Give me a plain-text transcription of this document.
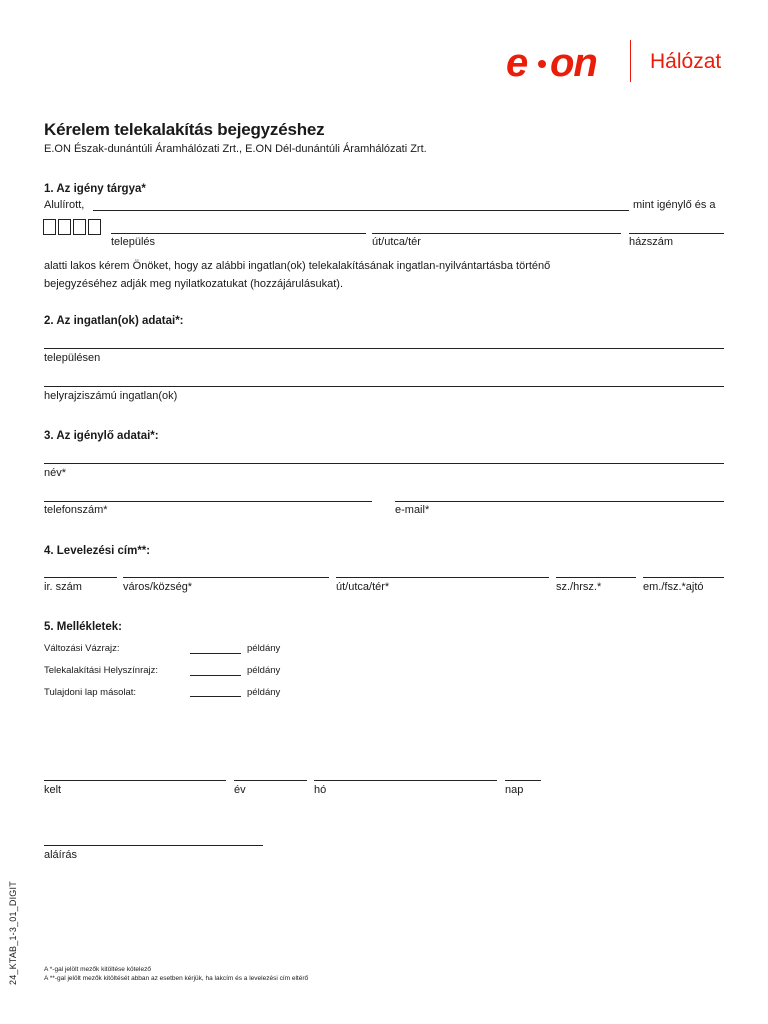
e on	Hálózat
Kérelem telekalakítás bejegyzéshez
E.ON Észak-dunántúli Áramhálózati Zrt., E.ON Dél-dunántúli Áramhálózati Zrt.
1. Az igény tárgya*
Alulírott,	mint igénylő és a
település	út/utca/tér	házszám
alatti lakos kérem Önöket, hogy az alábbi ingatlan(ok) telekalakításának ingatlan-nyilvántartásba történő
bejegyzéséhez adják meg nyilatkozatukat (hozzájárulásukat).
2. Az ingatlan(ok) adatai*:
településen
helyrajziszámú ingatlan(ok)
3. Az igénylő adatai*:
név*
telefonszám*	e-mail*
4. Levelezési cím**:
ir. szám	város/község*	út/utca/tér*	sz./hrsz.*	em./fsz.*ajtó
5. Mellékletek:
Változási Vázrajz:	példány
Telekalakítási Helyszínrajz:	példány
Tulajdoni lap másolat:	példány
kelt	év	hó	nap
aláírás
A *-gal jelölt mezők kitöltése kötelező
A **-gal jelölt mezők kitöltését abban az esetben kérjük, ha lakcím és a levelezési cím eltérő
24_KTAB_1-3_01_DIGIT
